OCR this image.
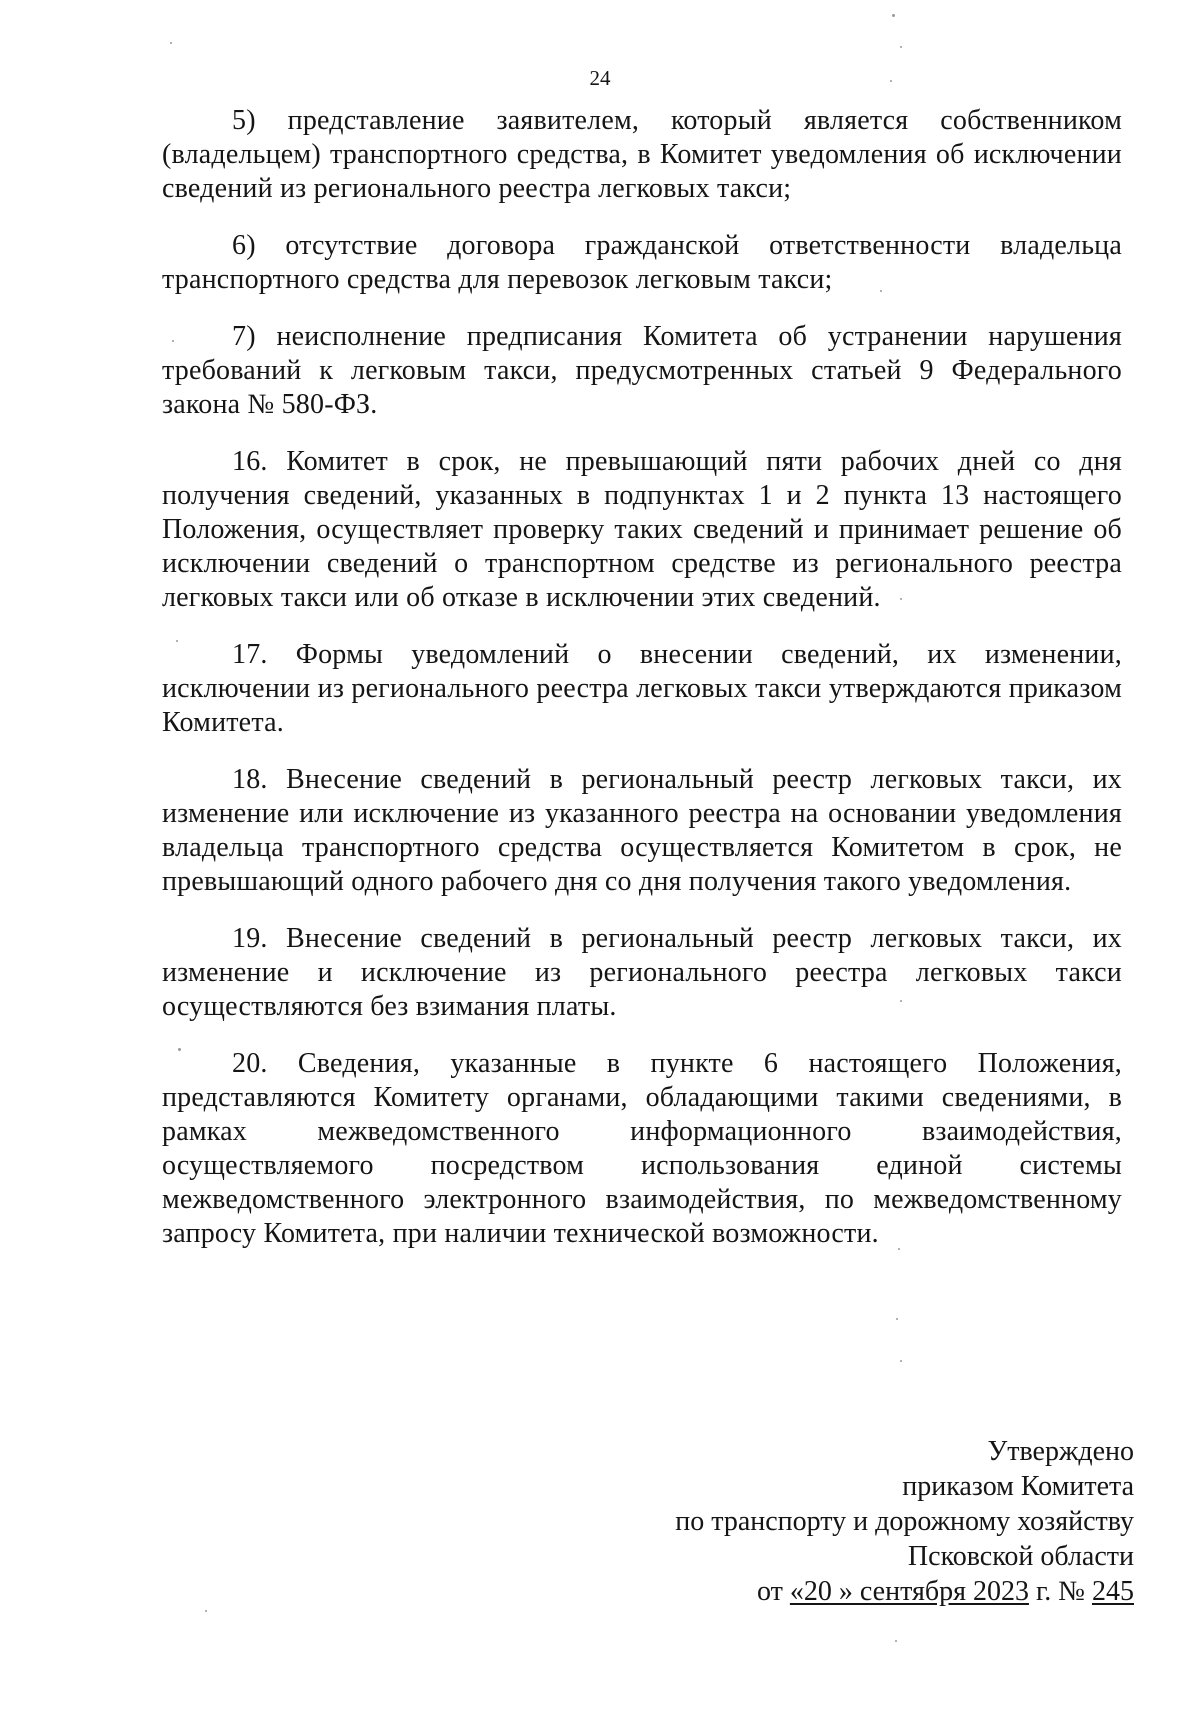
24

5) представление заявителем, который является собственником (владельцем) транспортного средства, в Комитет уведомления об исключении сведений из регионального реестра легковых такси;

6) отсутствие договора гражданской ответственности владельца транспортного средства для перевозок легковым такси;

7) неисполнение предписания Комитета об устранении нарушения требований к легковым такси, предусмотренных статьей 9 Федерального закона № 580-ФЗ.

16. Комитет в срок, не превышающий пяти рабочих дней со дня получения сведений, указанных в подпунктах 1 и 2 пункта 13 настоящего Положения, осуществляет проверку таких сведений и принимает решение об исключении сведений о транспортном средстве из регионального реестра легковых такси или об отказе в исключении этих сведений.

17. Формы уведомлений о внесении сведений, их изменении, исключении из регионального реестра легковых такси утверждаются приказом Комитета.

18. Внесение сведений в региональный реестр легковых такси, их изменение или исключение из указанного реестра на основании уведомления владельца транспортного средства осуществляется Комитетом в срок, не превышающий одного рабочего дня со дня получения такого уведомления.

19. Внесение сведений в региональный реестр легковых такси, их изменение и исключение из регионального реестра легковых такси осуществляются без взимания платы.

20. Сведения, указанные в пункте 6 настоящего Положения, представляются Комитету органами, обладающими такими сведениями, в рамках межведомственного информационного взаимодействия, осуществляемого посредством использования единой системы межведомственного электронного взаимодействия, по межведомственному запросу Комитета, при наличии технической возможности.

Утверждено
приказом Комитета
по транспорту и дорожному хозяйству
Псковской области
от «20 » сентября 2023 г. № 245
